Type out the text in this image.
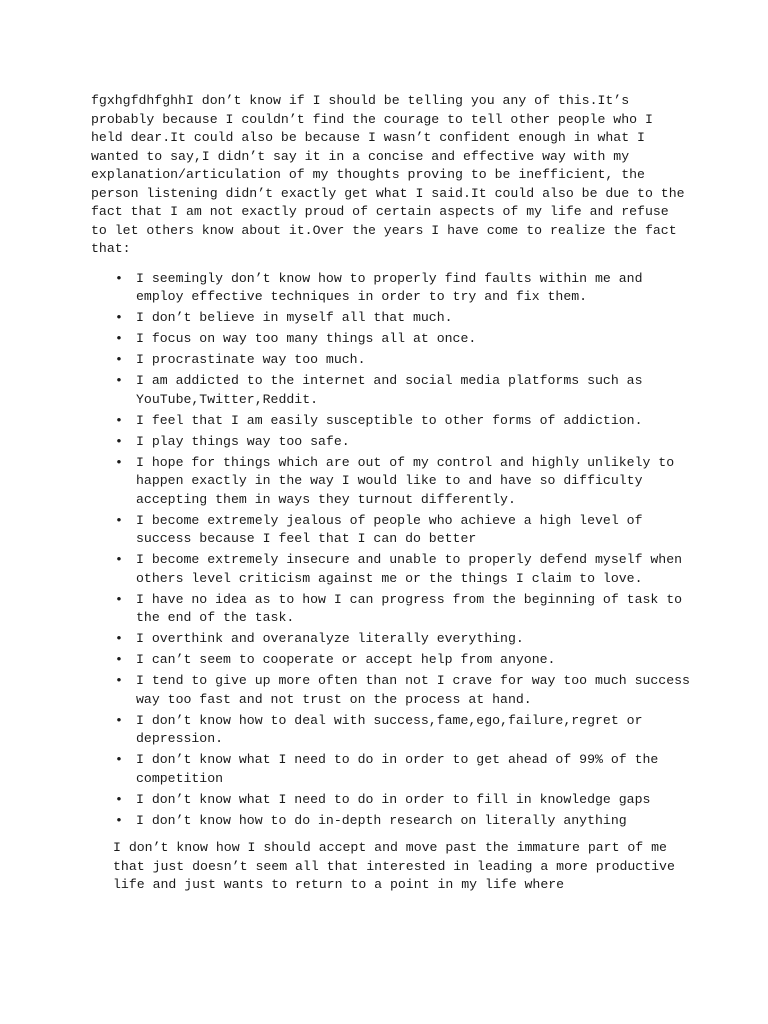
fgxhgfdhfghhI don’t know if I should be telling you any of this.It’s probably because I couldn’t find the courage to tell other people who I held dear.It could also be because I wasn’t confident enough in what I wanted to say,I didn’t say it in a concise and effective way with my explanation/articulation of my thoughts proving to be inefficient, the person listening didn’t exactly get what I said.It could also be due to the fact that I am not exactly proud of certain aspects of my life and refuse to let others know about it.Over the years I have come to realize the fact that:

• I seemingly don’t know how to properly find faults within me and employ effective techniques in order to try and fix them.
• I don’t believe in myself all that much.
• I focus on way too many things all at once.
• I procrastinate way too much.
• I am addicted to the internet and social media platforms such as YouTube,Twitter,Reddit.
• I feel that I am easily susceptible to other forms of addiction.
• I play things way too safe.
• I hope for things which are out of my control and highly unlikely to happen exactly in the way I would like to and have so difficulty accepting them in ways they turnout differently.
• I become extremely jealous of people who achieve a high level of success because I feel that I can do better
• I become extremely insecure and unable to properly defend myself when others level criticism against me or the things I claim to love.
• I have no idea as to how I can progress from the beginning of task to the end of the task.
• I overthink and overanalyze literally everything.
• I can’t seem to cooperate or accept help from anyone.
• I tend to give up more often than not I crave for way too much success way too fast and not trust on the process at hand.
• I don’t know how to deal with success,fame,ego,failure,regret or depression.
• I don’t know what I need to do in order to get ahead of 99% of the competition
• I don’t know what I need to do in order to fill in knowledge gaps
• I don’t know how to do in-depth research on literally anything

I don’t know how I should accept and move past the immature part of me that just doesn’t seem all that interested in leading a more productive life and just wants to return to a point in my life where
